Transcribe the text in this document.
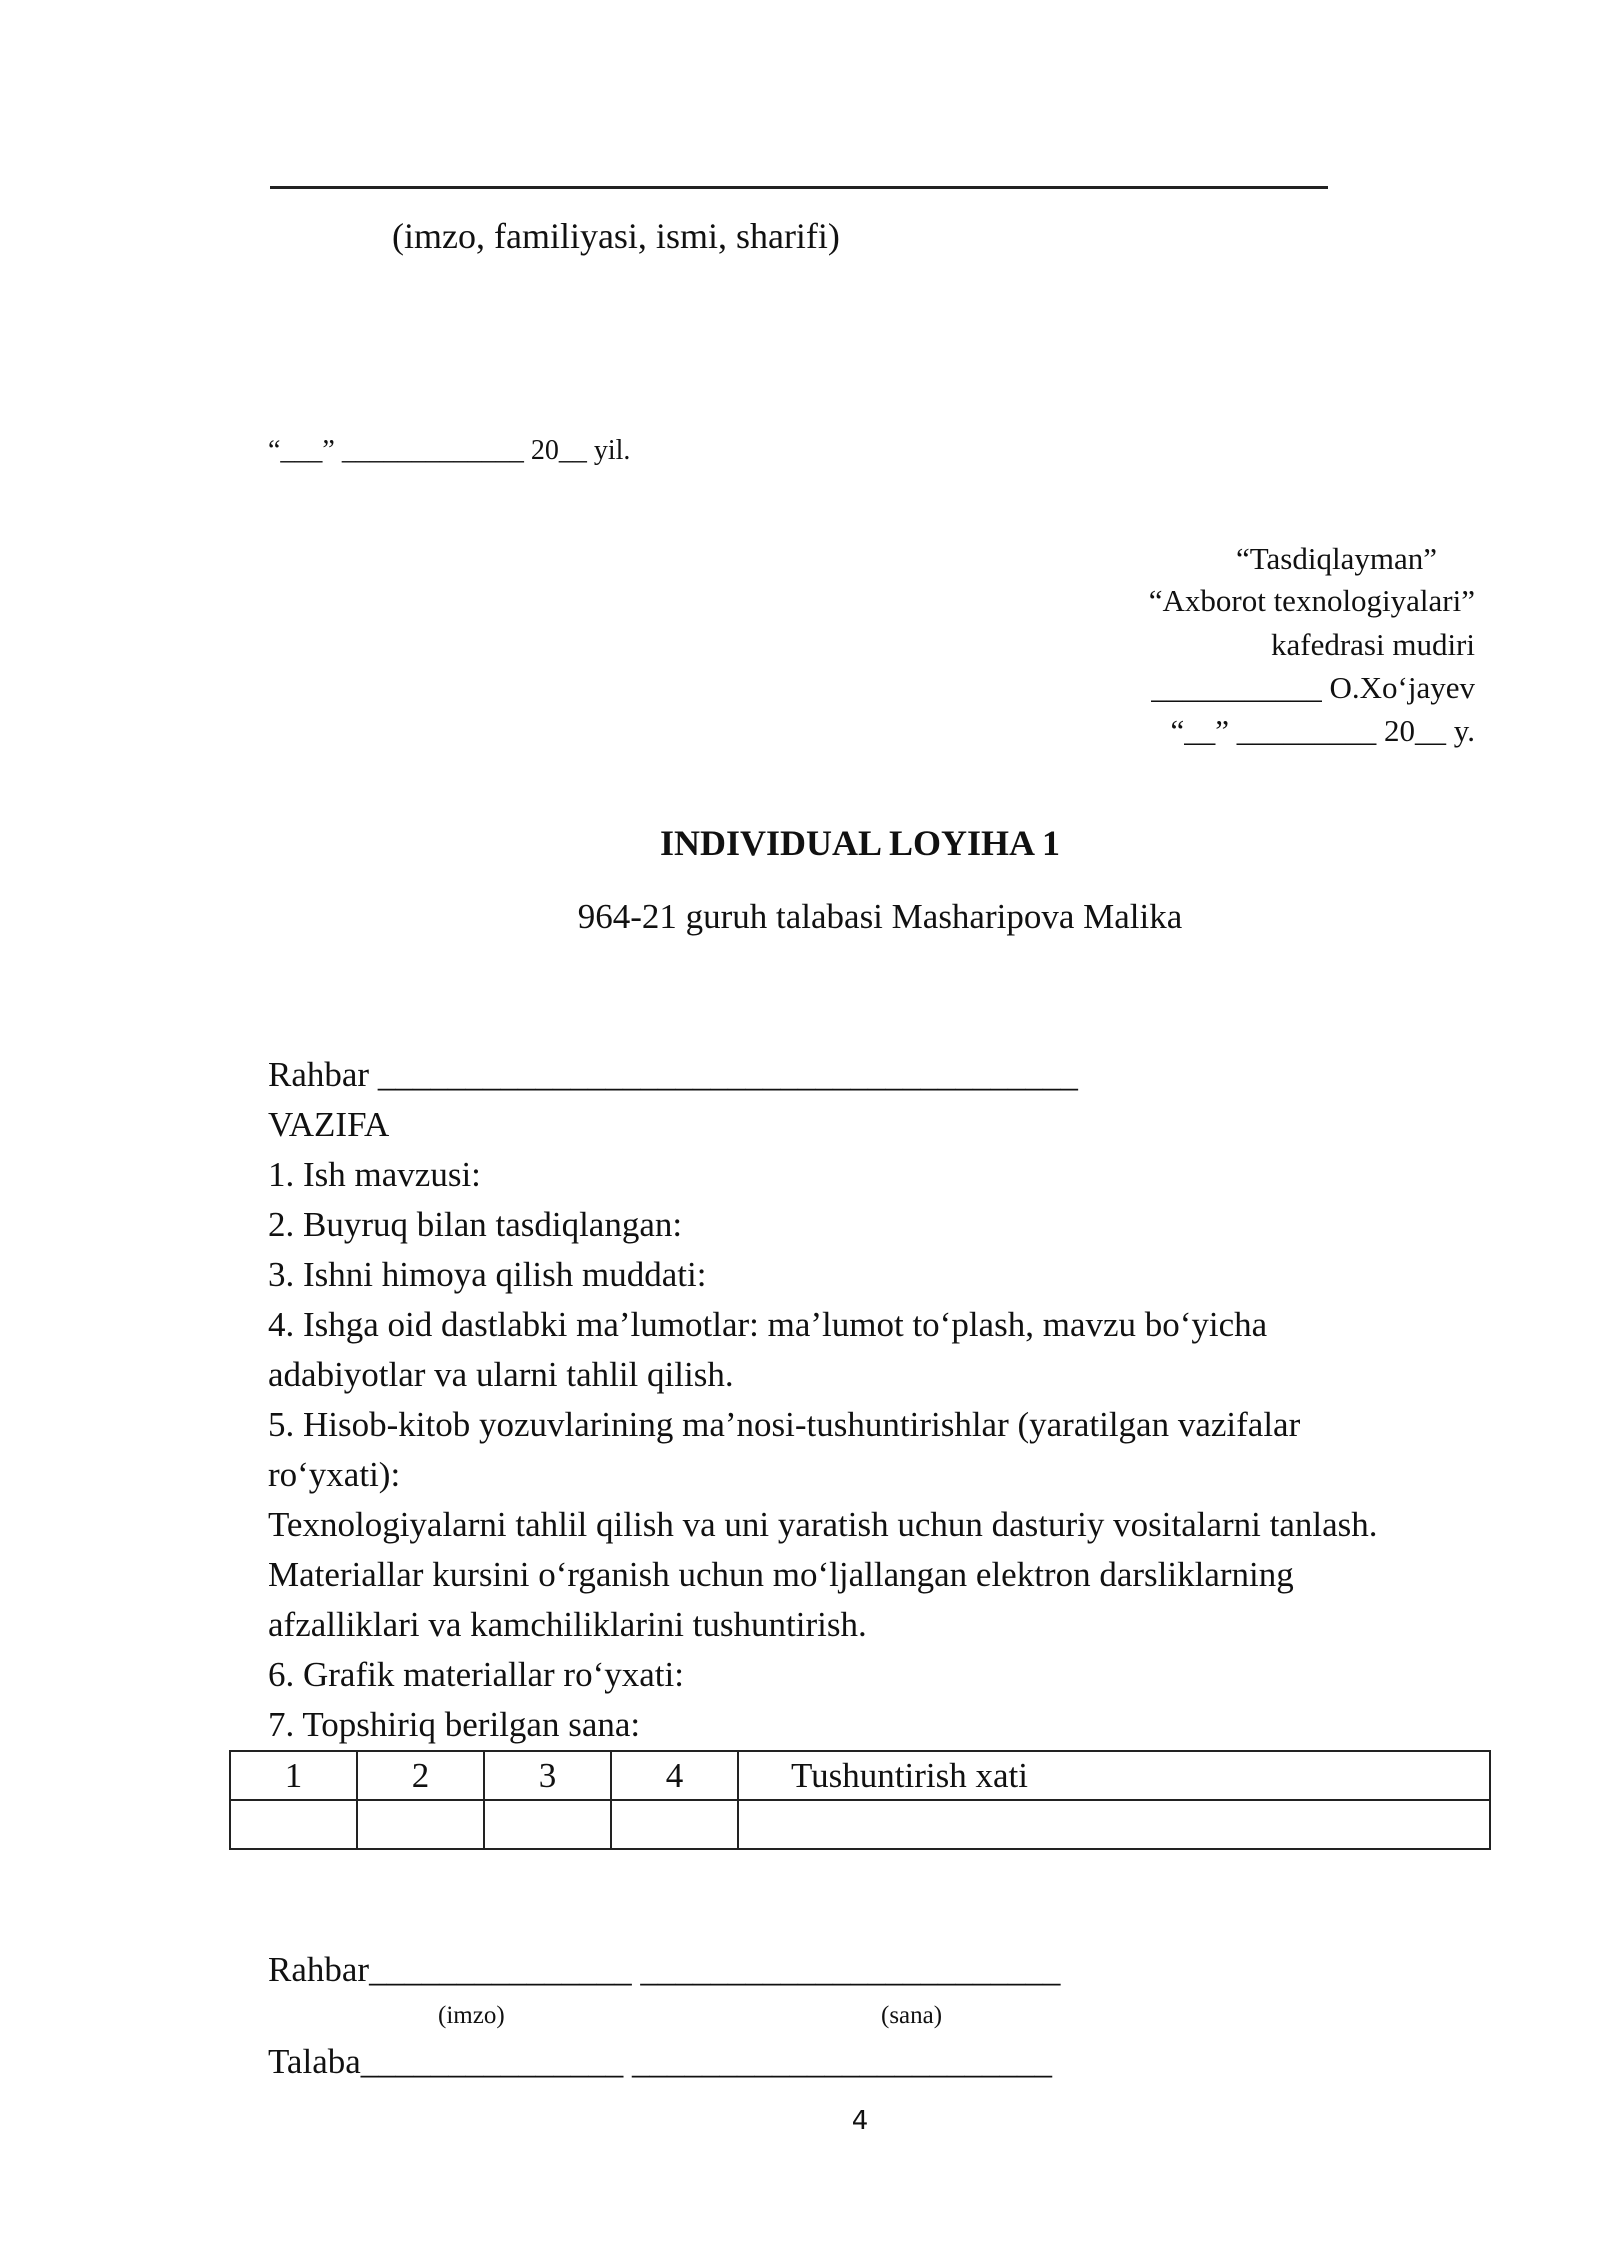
(imzo, familiyasi, ismi, sharifi)
“___” _____________ 20__ yil.
“Tasdiqlayman”
“Axborot texnologiyalari”
kafedrasi mudiri
___________ O.Xo‘jayev
“__” _________ 20__ y.
INDIVIDUAL LOYIHA 1
964-21 guruh talabasi Masharipova Malika
Rahbar ________________________________________
VAZIFA
1. Ish mavzusi:
2. Buyruq bilan tasdiqlangan:
3. Ishni himoya qilish muddati:
4. Ishga oid dastlabki ma’lumotlar: ma’lumot to‘plash, mavzu bo‘yicha
adabiyotlar va ularni tahlil qilish.
5. Hisob-kitob yozuvlarining ma’nosi-tushuntirishlar (yaratilgan vazifalar
ro‘yxati):
Texnologiyalarni tahlil qilish va uni yaratish uchun dasturiy vositalarni tanlash.
Materiallar kursini o‘rganish uchun mo‘ljallangan elektron darsliklarning
afzalliklari va kamchiliklarini tushuntirish.
6. Grafik materiallar ro‘yxati:
7. Topshiriq berilgan sana:
1	2	3	4	Tushuntirish xati

Rahbar_______________ ________________________
(imzo)	(sana)
Talaba_______________ ________________________
4
